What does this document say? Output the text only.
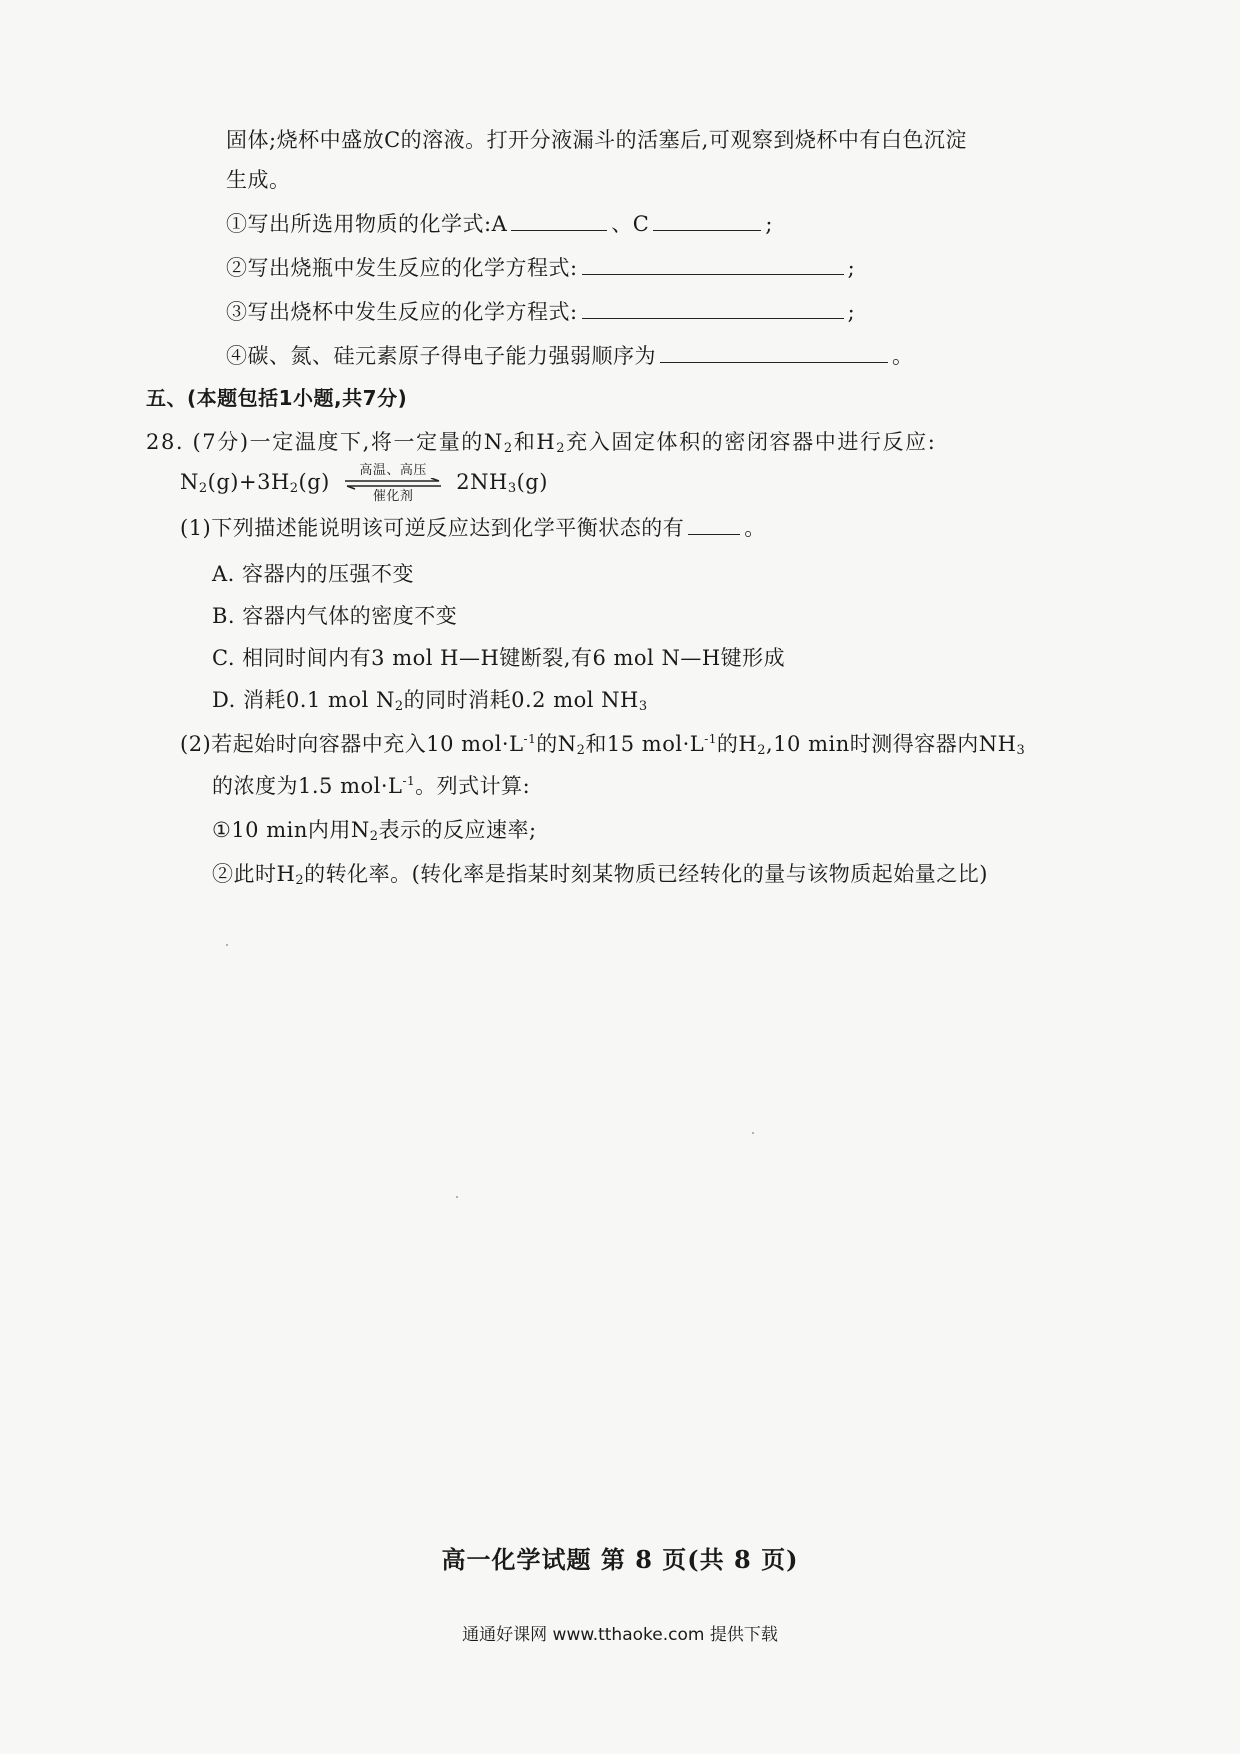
固体;烧杯中盛放C的溶液。打开分液漏斗的活塞后,可观察到烧杯中有白色沉淀
生成。
①写出所选用物质的化学式:A	、C	;
②写出烧瓶中发生反应的化学方程式:	;
③写出烧杯中发生反应的化学方程式:	;
④碳、氮、硅元素原子得电子能力强弱顺序为	。
五、(本题包括1小题,共7分)
28. (7分)一定温度下,将一定量的$N_2$和$H_2$充入固定体积的密闭容器中进行反应:
$N_2(g)+3H_2(g)$	高温、高压
催化剂
$2NH_3(g)$
(1)下列描述能说明该可逆反应达到化学平衡状态的有	。
A. 容器内的压强不变
B. 容器内气体的密度不变
C. 相同时间内有3 mol H—H键断裂,有6 mol N—H键形成
D. 消耗0.1 mol $N_2$的同时消耗0.2 mol $NH_3$
(2)若起始时向容器中充入10 $mol\cdot L^{-1}$的$N_2$和15 $mol\cdot L^{-1}$的$H_2,10$ min时测得容器内$NH_3$
的浓度为1.5 $mol\cdot L^{-1}$。列式计算:
①10 min内用$N_2$表示的反应速率;
②此时$H_2$的转化率。(转化率是指某时刻某物质已经转化的量与该物质起始量之比)
高一化学试题 第 8 页(共 8 页)
通通好课网 www.tthaoke.com 提供下载
